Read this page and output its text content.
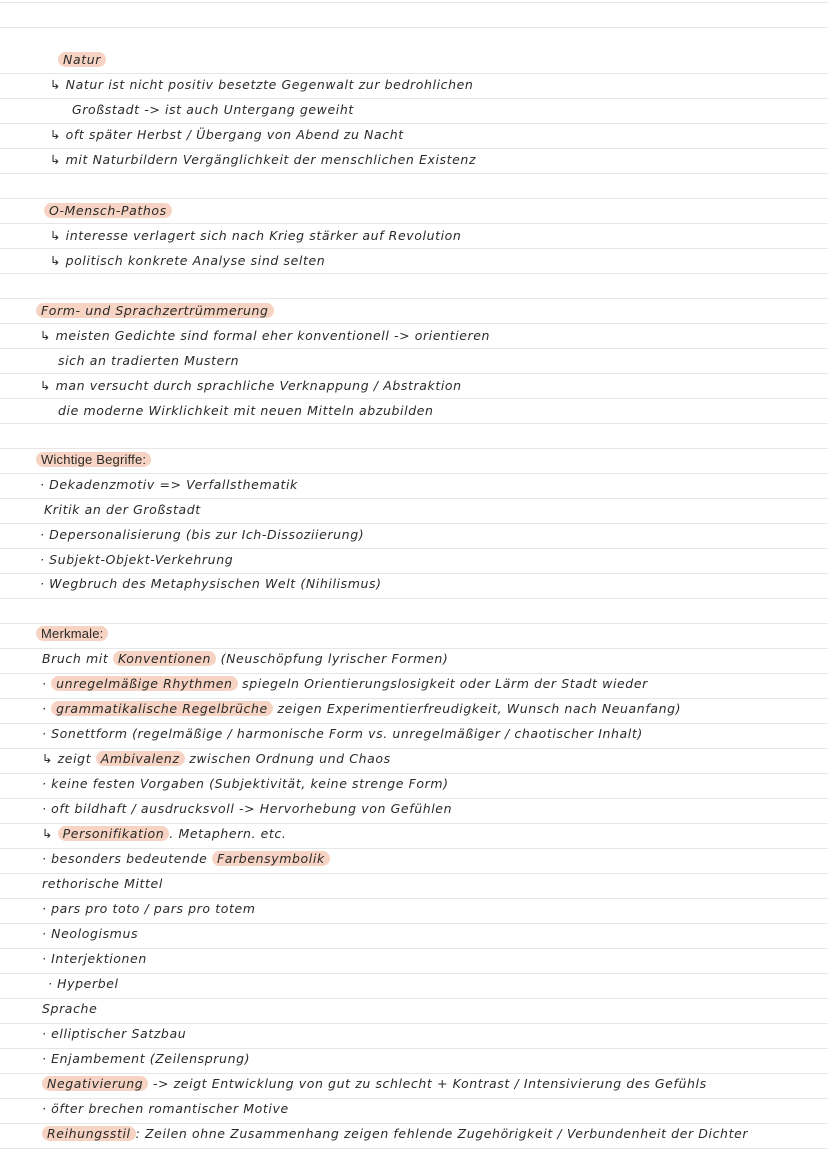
Natur
↳ Natur ist nicht positiv besetzte Gegenwalt zur bedrohlichen
Großstadt -> ist auch Untergang geweiht
↳ oft später Herbst / Übergang von Abend zu Nacht
↳ mit Naturbildern Vergänglichkeit der menschlichen Existenz
O-Mensch-Pathos
↳ interesse verlagert sich nach Krieg stärker auf Revolution
↳ politisch konkrete Analyse sind selten
Form- und Sprachzertrümmerung
↳ meisten Gedichte sind formal eher konventionell -> orientieren
sich an tradierten Mustern
↳ man versucht durch sprachliche Verknappung / Abstraktion
die moderne Wirklichkeit mit neuen Mitteln abzubilden
Wichtige Begriffe:
· Dekadenzmotiv => Verfallsthematik
Kritik an der Großstadt
· Depersonalisierung (bis zur Ich-Dissoziierung)
· Subjekt-Objekt-Verkehrung
· Wegbruch des Metaphysischen Welt (Nihilismus)
Merkmale:
Bruch mit Konventionen (Neuschöpfung lyrischer Formen)
· unregelmäßige Rhythmen spiegeln Orientierungslosigkeit oder Lärm der Stadt wieder
· grammatikalische Regelbrüche zeigen Experimentierfreudigkeit, Wunsch nach Neuanfang)
· Sonettform (regelmäßige / harmonische Form vs. unregelmäßiger / chaotischer Inhalt)
↳ zeigt Ambivalenz zwischen Ordnung und Chaos
· keine festen Vorgaben (Subjektivität, keine strenge Form)
· oft bildhaft / ausdrucksvoll -> Hervorhebung von Gefühlen
↳ Personifikation . Metaphern. etc.
· besonders bedeutende Farbensymbolik
rethorische Mittel
· pars pro toto / pars pro totem
· Neologismus
· Interjektionen
· Hyperbel
Sprache
· elliptischer Satzbau
· Enjambement (Zeilensprung)
Negativierung -> zeigt Entwicklung von gut zu schlecht + Kontrast / Intensivierung des Gefühls
· öfter brechen romantischer Motive
Reihungsstil : Zeilen ohne Zusammenhang zeigen fehlende Zugehörigkeit / Verbundenheit der Dichter
